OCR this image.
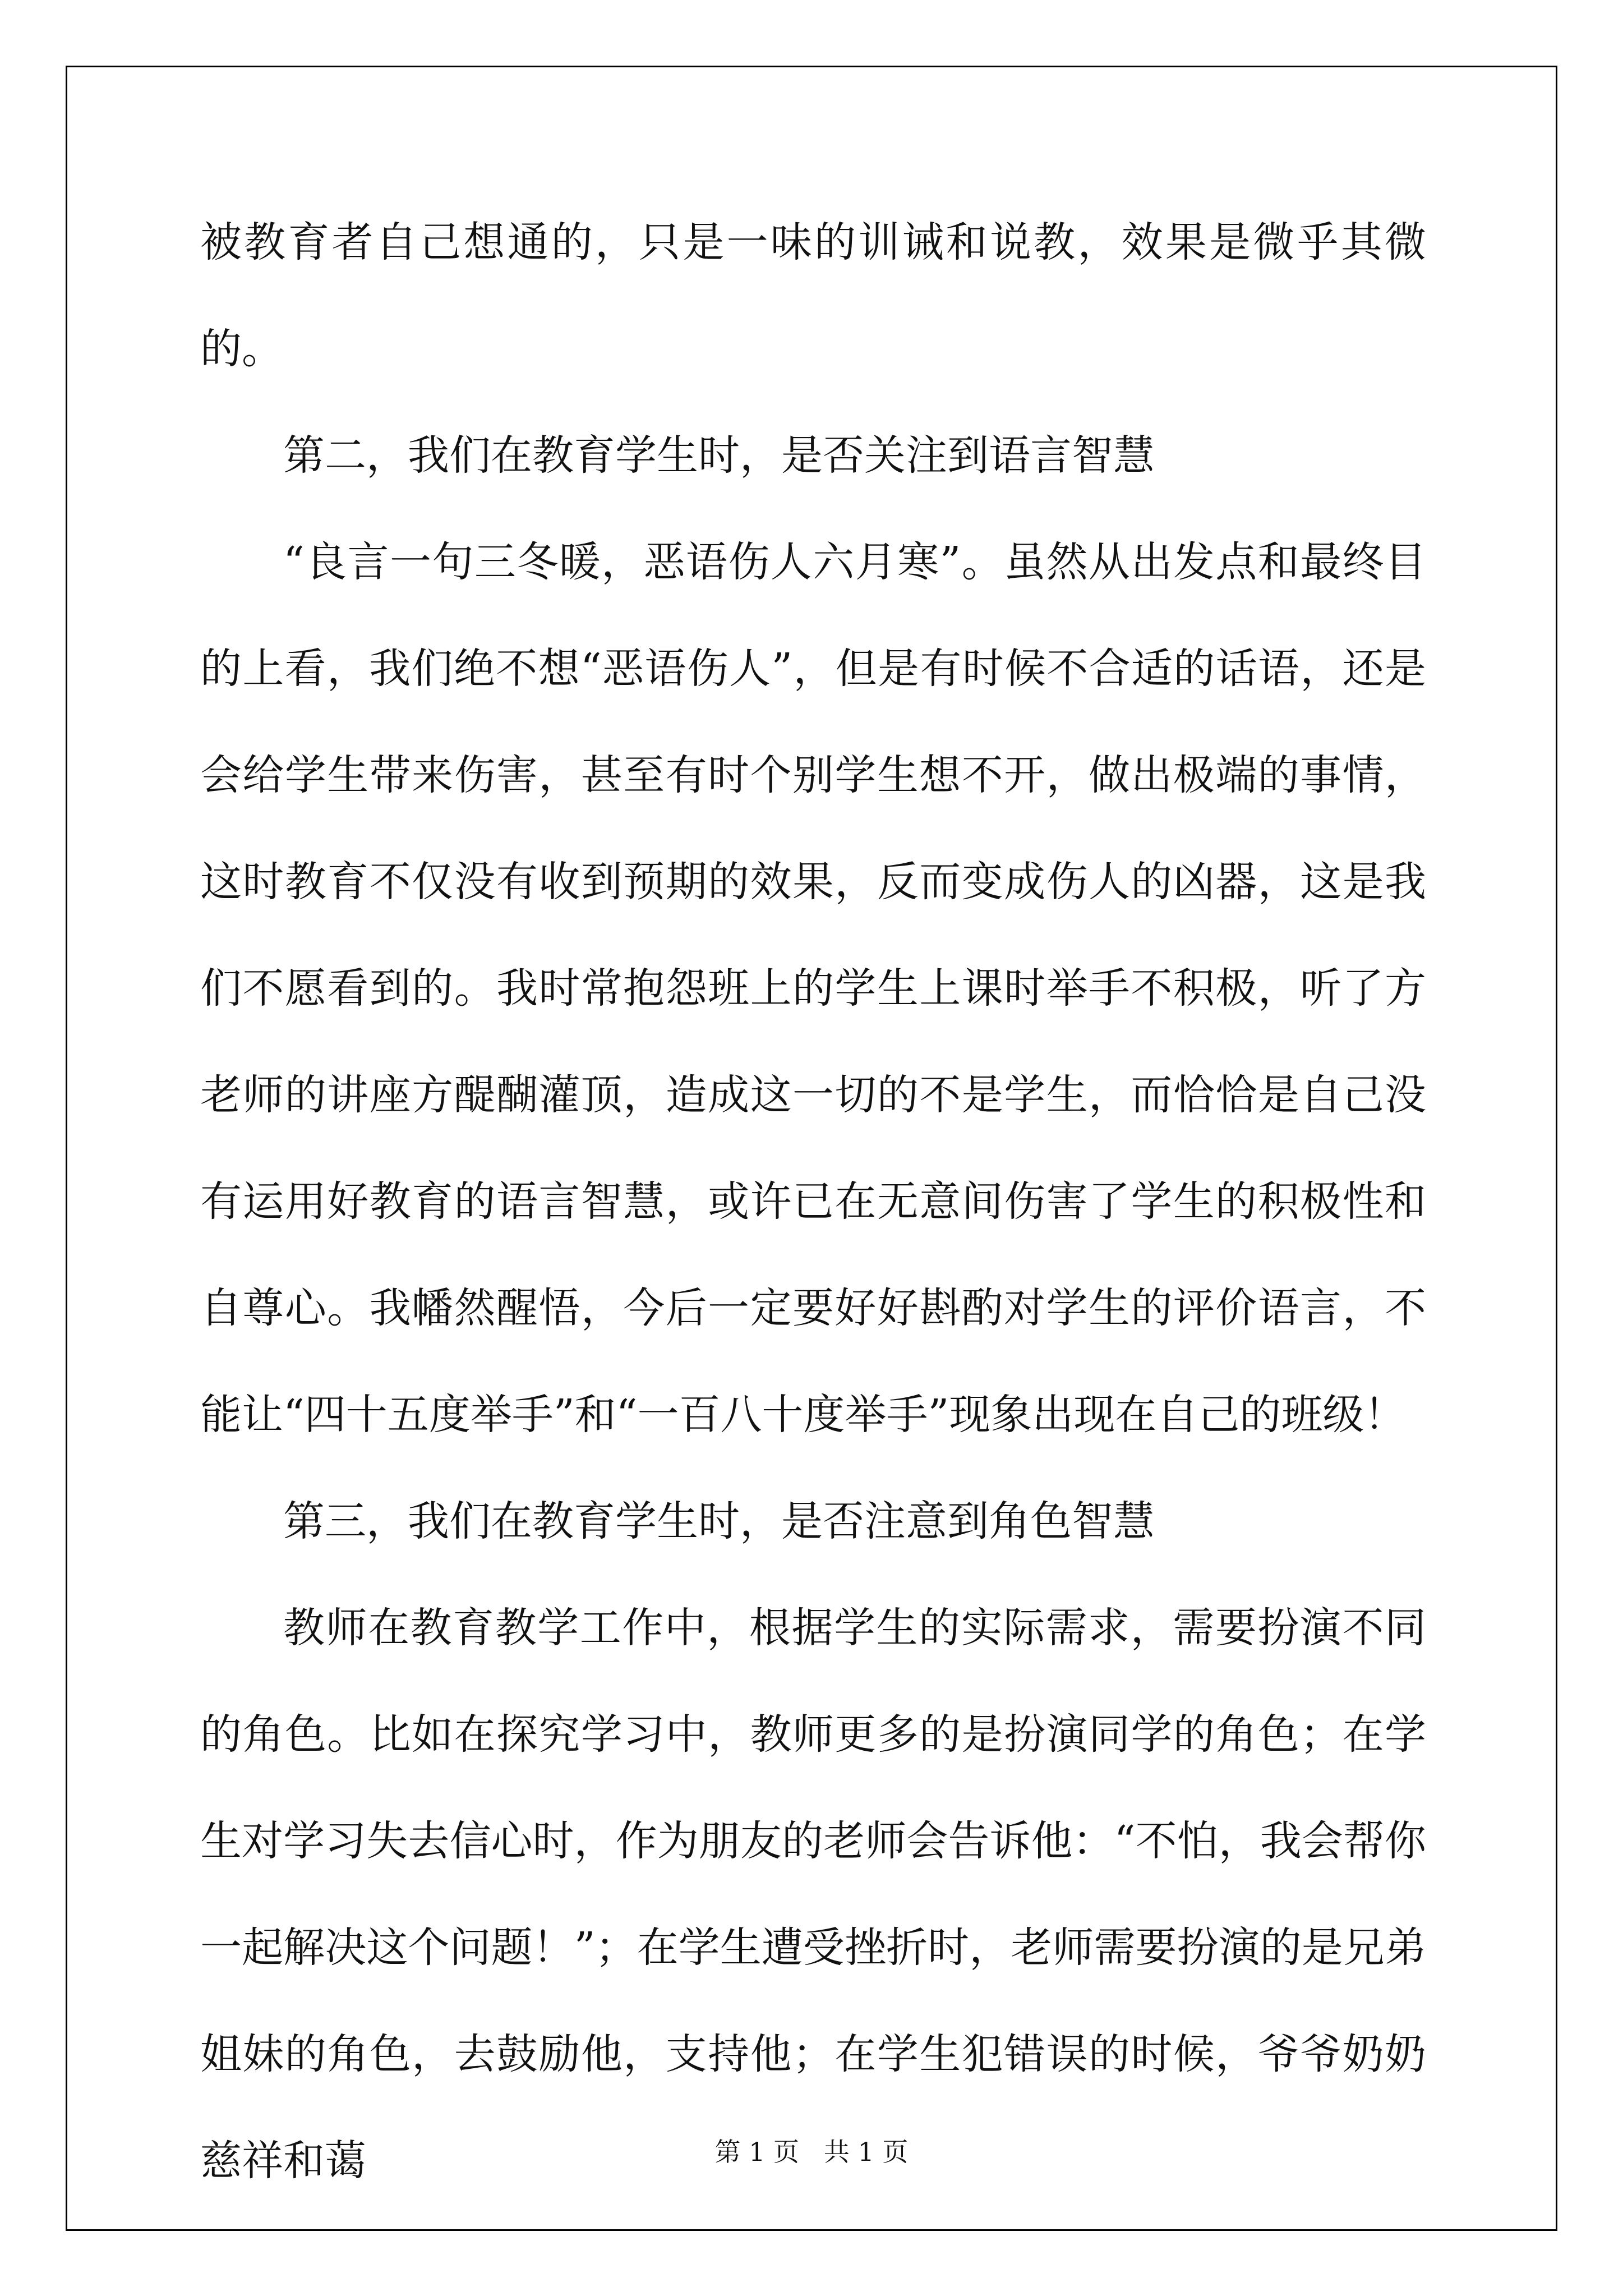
被教育者自己想通的，只是一味的训诫和说教，效果是微乎其微的。

第二，我们在教育学生时，是否关注到语言智慧

“良言一句三冬暖，恶语伤人六月寒”。虽然从出发点和最终目的上看，我们绝不想“恶语伤人”，但是有时候不合适的话语，还是会给学生带来伤害，甚至有时个别学生想不开，做出极端的事情，这时教育不仅没有收到预期的效果，反而变成伤人的凶器，这是我们不愿看到的。我时常抱怨班上的学生上课时举手不积极，听了方老师的讲座方醍醐灌顶，造成这一切的不是学生，而恰恰是自己没有运用好教育的语言智慧，或许已在无意间伤害了学生的积极性和自尊心。我幡然醒悟，今后一定要好好斟酌对学生的评价语言，不能让“四十五度举手”和“一百八十度举手”现象出现在自己的班级！

第三，我们在教育学生时，是否注意到角色智慧

教师在教育教学工作中，根据学生的实际需求，需要扮演不同的角色。比如在探究学习中，教师更多的是扮演同学的角色；在学生对学习失去信心时，作为朋友的老师会告诉他：“不怕，我会帮你一起解决这个问题！”；在学生遭受挫折时，老师需要扮演的是兄弟姐妹的角色，去鼓励他，支持他；在学生犯错误的时候，爷爷奶奶慈祥和蔼	第 1 页   共 1 页
